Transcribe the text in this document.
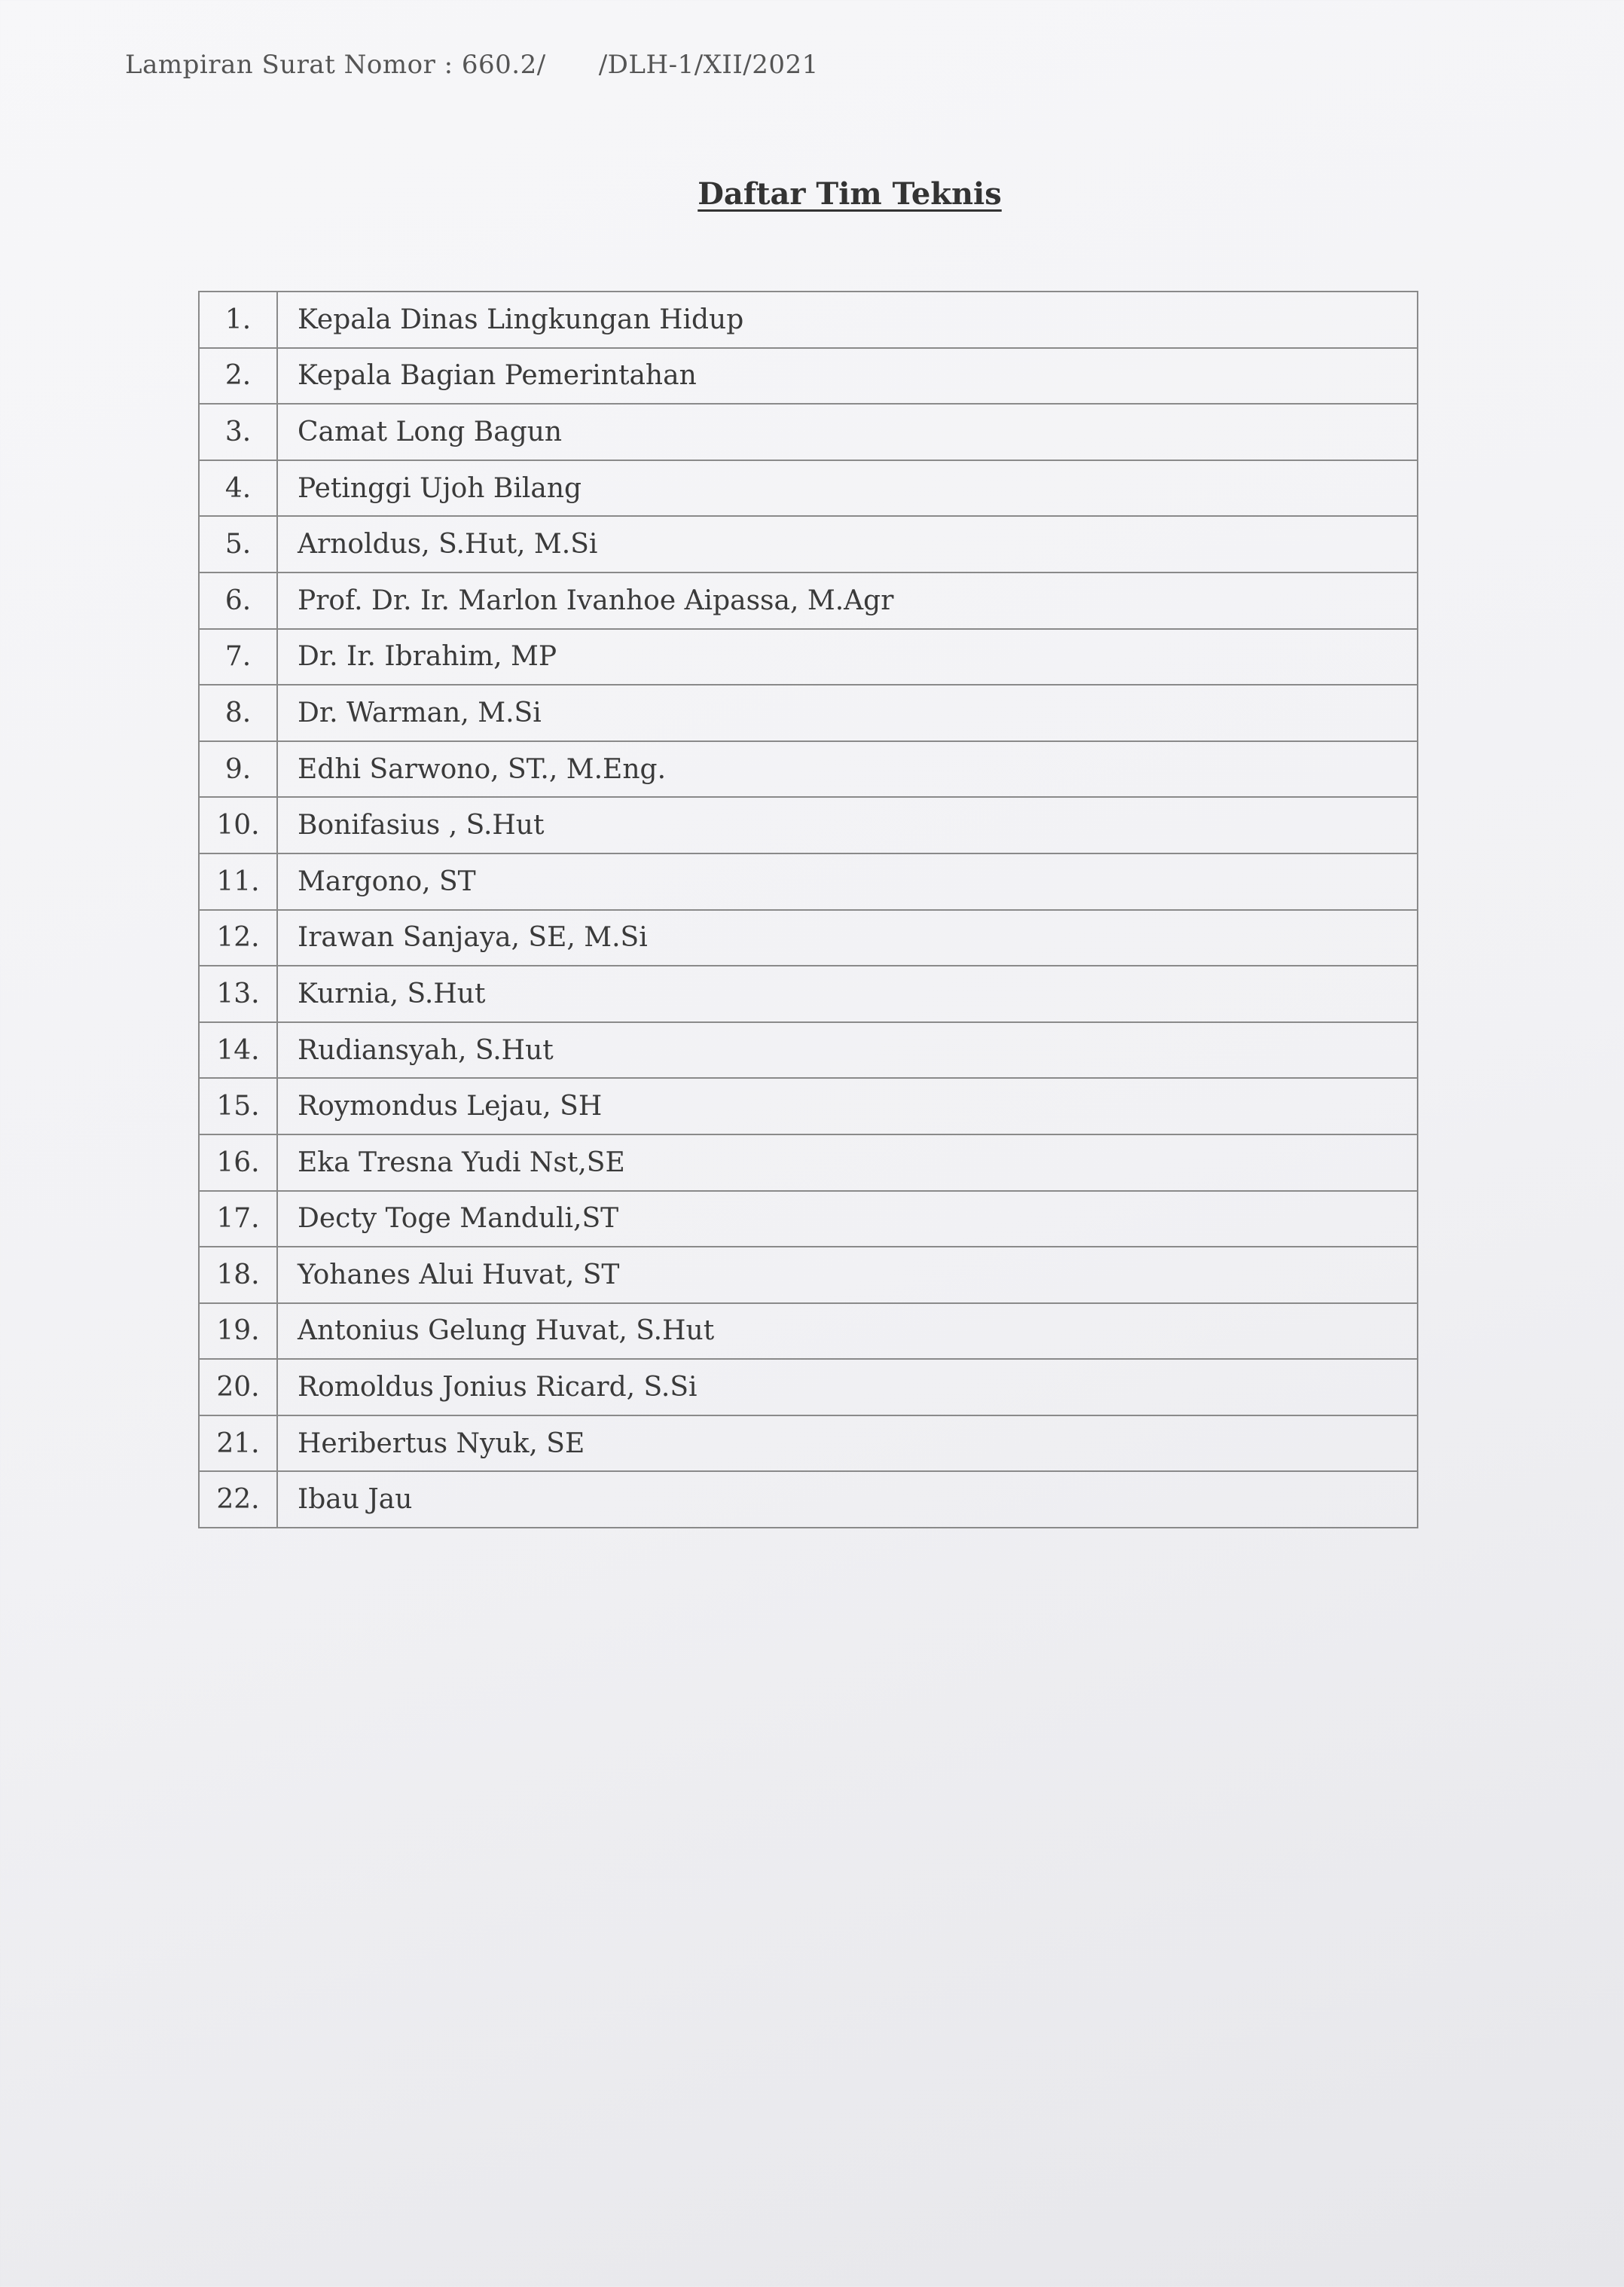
Lampiran Surat Nomor : 660.2/ /DLH-1/XII/2021
Daftar Tim Teknis
1.	Kepala Dinas Lingkungan Hidup
2.	Kepala Bagian Pemerintahan
3.	Camat Long Bagun
4.	Petinggi Ujoh Bilang
5.	Arnoldus, S.Hut, M.Si
6.	Prof. Dr. Ir. Marlon Ivanhoe Aipassa, M.Agr
7.	Dr. Ir. Ibrahim, MP
8.	Dr. Warman, M.Si
9.	Edhi Sarwono, ST., M.Eng.
10.	Bonifasius , S.Hut
11.	Margono, ST
12.	Irawan Sanjaya, SE, M.Si
13.	Kurnia, S.Hut
14.	Rudiansyah, S.Hut
15.	Roymondus Lejau, SH
16.	Eka Tresna Yudi Nst,SE
17.	Decty Toge Manduli,ST
18.	Yohanes Alui Huvat, ST
19.	Antonius Gelung Huvat, S.Hut
20.	Romoldus Jonius Ricard, S.Si
21.	Heribertus Nyuk, SE
22.	Ibau Jau
